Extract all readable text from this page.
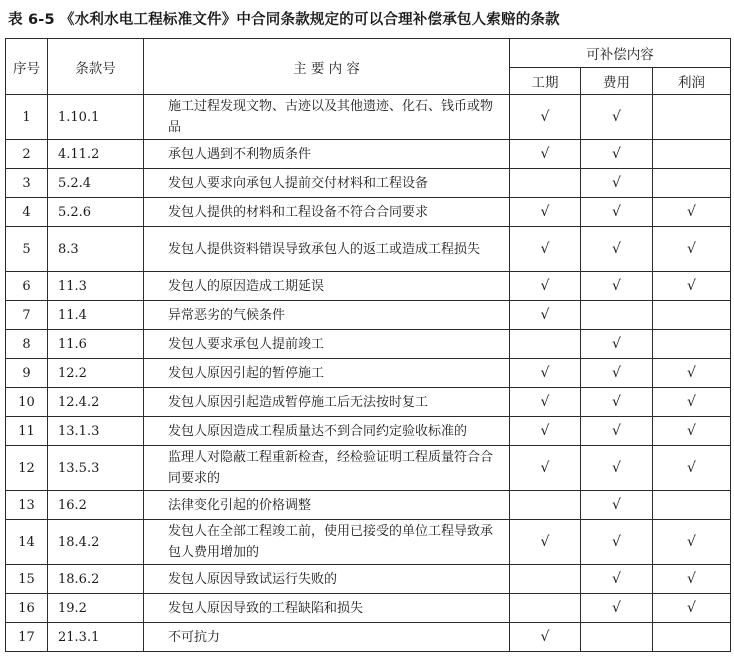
表 6-5 《水利水电工程标准文件》中合同条款规定的可以合理补偿承包人索赔的条款
序号	条款号	主 要 内 容	可补偿内容		
			工期	费用	利润
1	1.10.1	施工过程发现文物、古迹以及其他遗迹、化石、钱币或物品	√	√	
2	4.11.2	承包人遇到不利物质条件	√	√	
3	5.2.4	发包人要求向承包人提前交付材料和工程设备		√	
4	5.2.6	发包人提供的材料和工程设备不符合合同要求	√	√	√
5	8.3	发包人提供资料错误导致承包人的返工或造成工程损失	√	√	√
6	11.3	发包人的原因造成工期延误	√	√	√
7	11.4	异常恶劣的气候条件	√		
8	11.6	发包人要求承包人提前竣工		√	
9	12.2	发包人原因引起的暂停施工	√	√	√
10	12.4.2	发包人原因引起造成暂停施工后无法按时复工	√	√	√
11	13.1.3	发包人原因造成工程质量达不到合同约定验收标准的	√	√	√
12	13.5.3	监理人对隐蔽工程重新检查，经检验证明工程质量符合合同要求的	√	√	√
13	16.2	法律变化引起的价格调整		√	
14	18.4.2	发包人在全部工程竣工前，使用已接受的单位工程导致承包人费用增加的	√	√	√
15	18.6.2	发包人原因导致试运行失败的		√	√
16	19.2	发包人原因导致的工程缺陷和损失		√	√
17	21.3.1	不可抗力	√		
